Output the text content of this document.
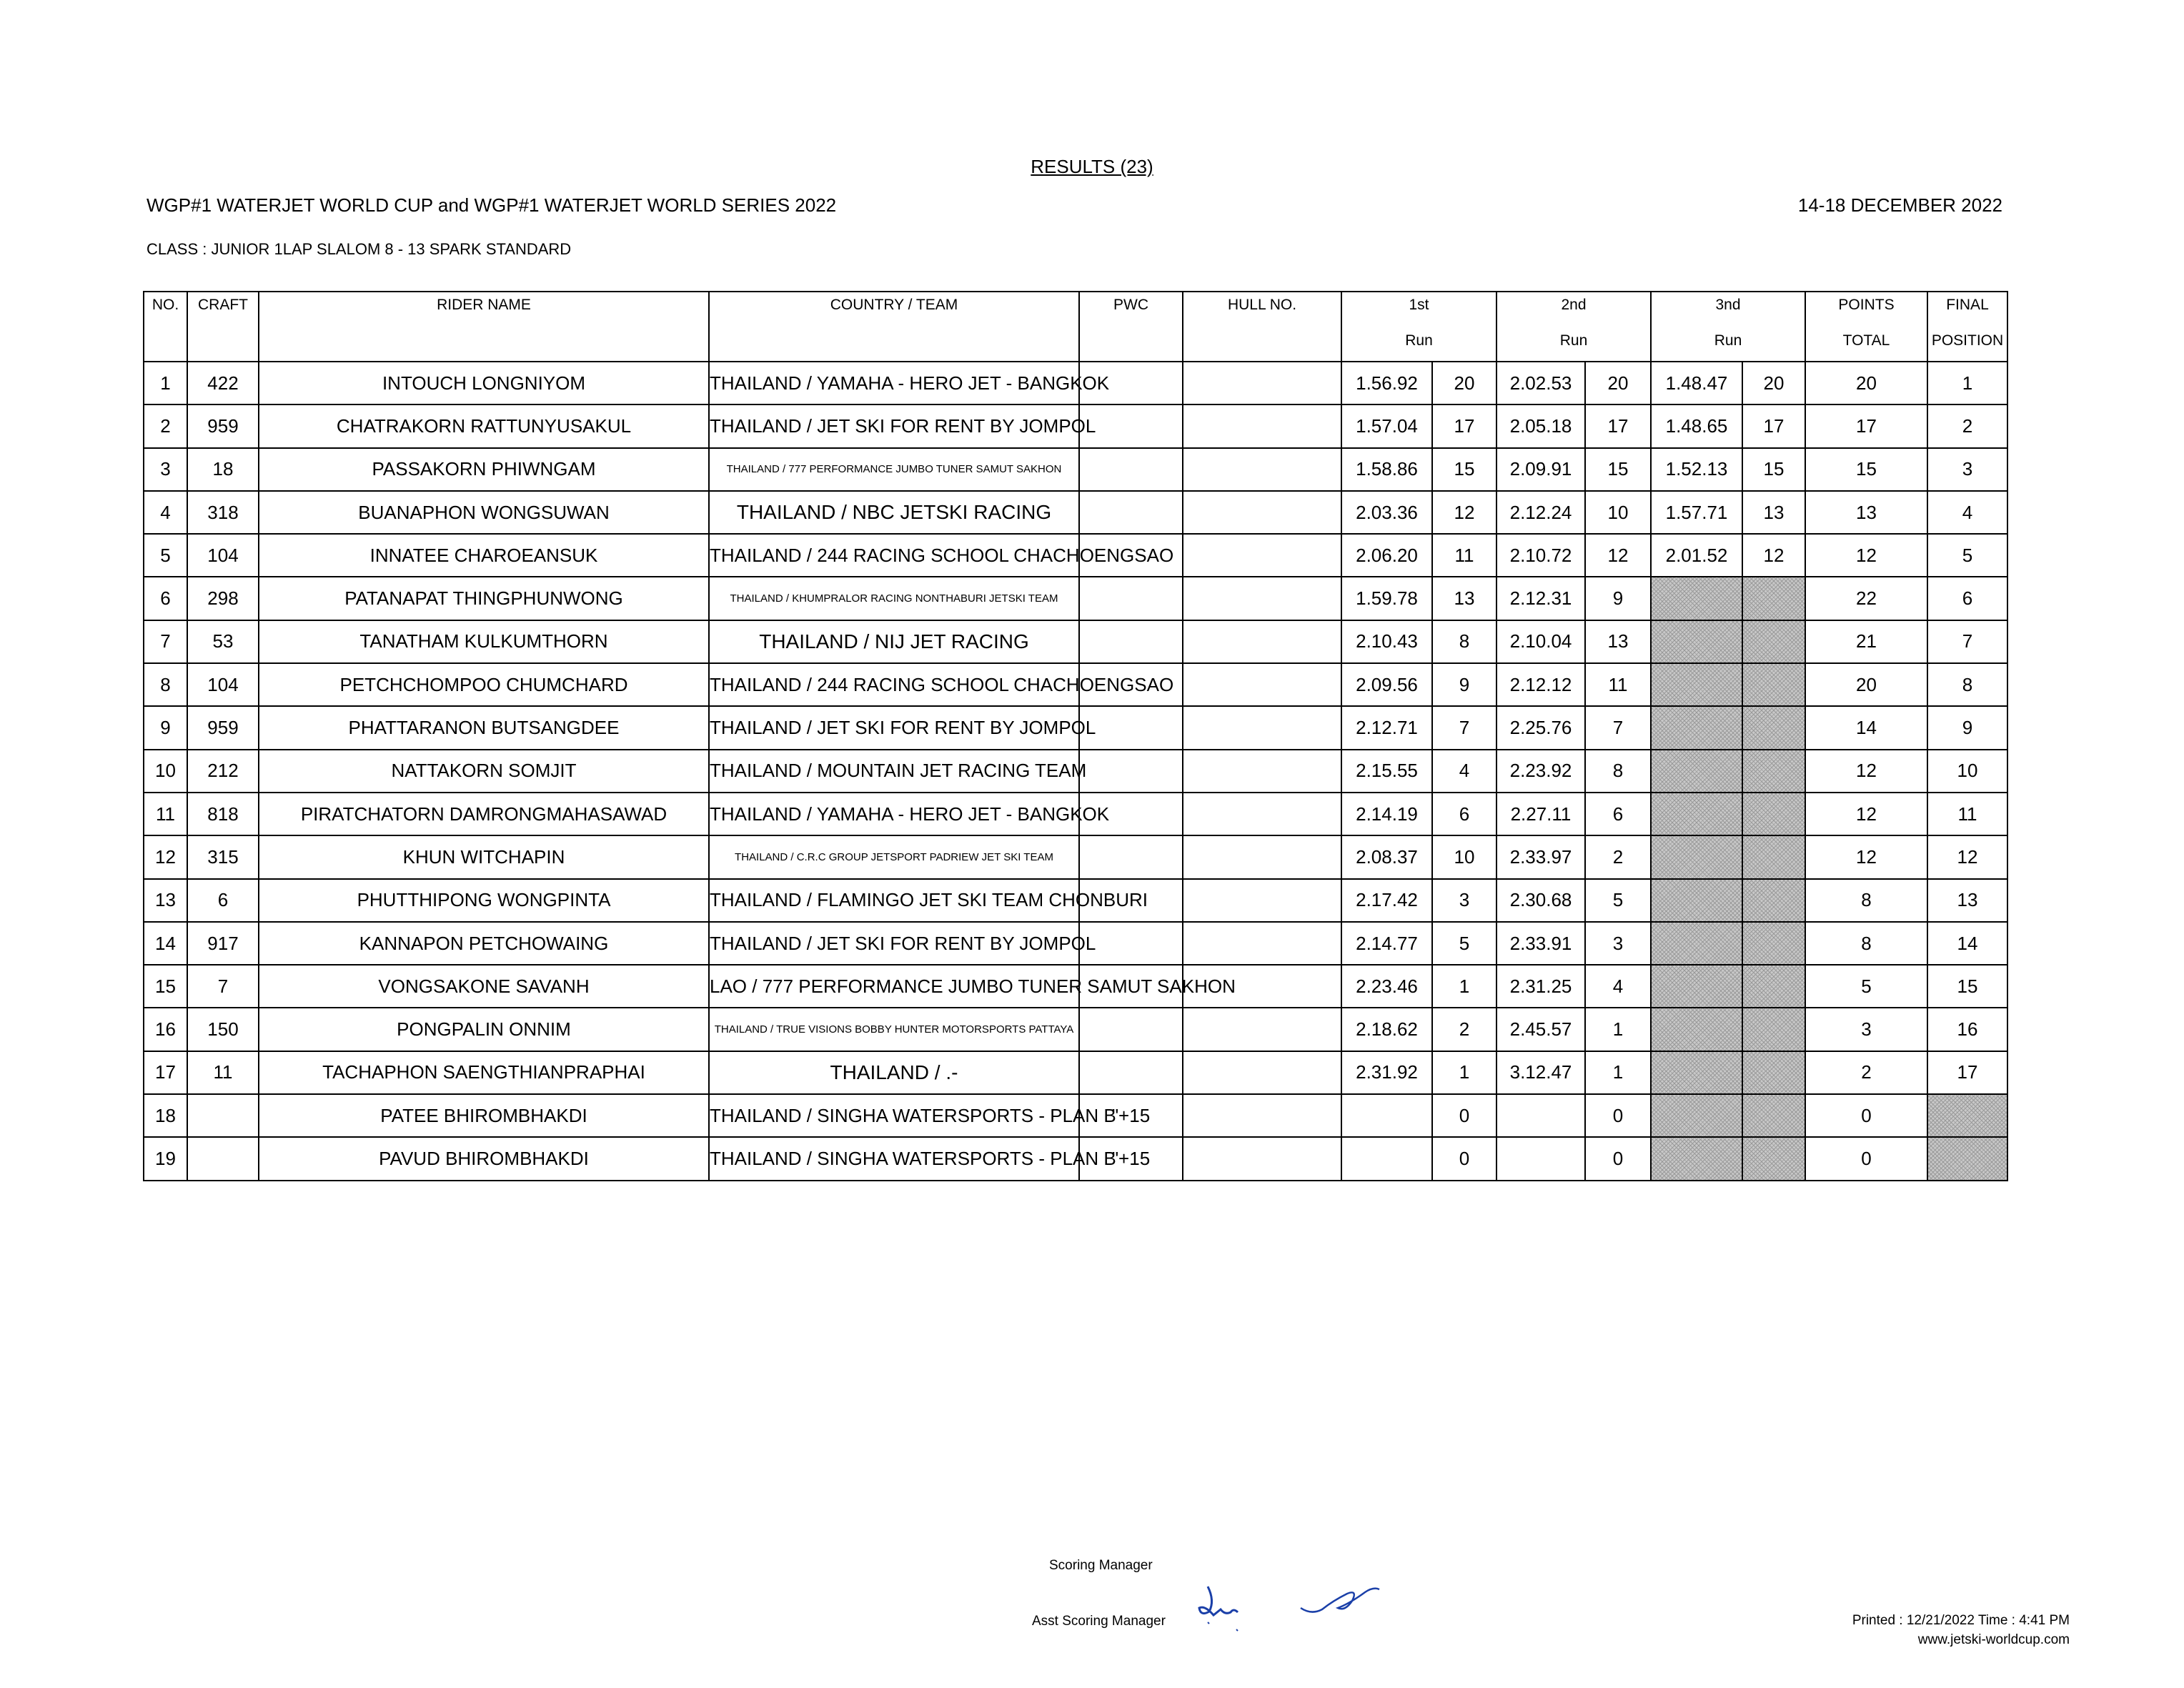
RESULTS (23)
WGP#1 WATERJET WORLD CUP and WGP#1 WATERJET WORLD SERIES 2022	14-18 DECEMBER 2022
CLASS : JUNIOR 1LAP SLALOM 8 - 13 SPARK STANDARD
NO.	CRAFT	RIDER NAME	COUNTRY / TEAM	PWC	HULL NO.	1st
Run		2nd
Run		3nd
Run		POINTS
TOTAL	FINAL
POSITION

1	422	INTOUCH LONGNIYOM	THAILAND / YAMAHA - HERO JET - BANGKOK			1.56.92	20	2.02.53	20	1.48.47	20	20	1
2	959	CHATRAKORN RATTUNYUSAKUL	THAILAND / JET SKI FOR RENT BY JOMPOL			1.57.04	17	2.05.18	17	1.48.65	17	17	2
3	18	PASSAKORN PHIWNGAM	THAILAND / 777 PERFORMANCE JUMBO TUNER SAMUT SAKHON			1.58.86	15	2.09.91	15	1.52.13	15	15	3
4	318	BUANAPHON WONGSUWAN	THAILAND / NBC JETSKI RACING			2.03.36	12	2.12.24	10	1.57.71	13	13	4
5	104	INNATEE CHAROEANSUK	THAILAND / 244 RACING SCHOOL CHACHOENGSAO			2.06.20	11	2.10.72	12	2.01.52	12	12	5
6	298	PATANAPAT THINGPHUNWONG	THAILAND / KHUMPRALOR RACING NONTHABURI JETSKI TEAM			1.59.78	13	2.12.31	9			22	6
7	53	TANATHAM KULKUMTHORN	THAILAND / NIJ JET RACING			2.10.43	8	2.10.04	13			21	7
8	104	PETCHCHOMPOO CHUMCHARD	THAILAND / 244 RACING SCHOOL CHACHOENGSAO			2.09.56	9	2.12.12	11			20	8
9	959	PHATTARANON BUTSANGDEE	THAILAND / JET SKI FOR RENT BY JOMPOL			2.12.71	7	2.25.76	7			14	9
10	212	NATTAKORN SOMJIT	THAILAND / MOUNTAIN JET RACING TEAM			2.15.55	4	2.23.92	8			12	10
11	818	PIRATCHATORN DAMRONGMAHASAWAD	THAILAND / YAMAHA - HERO JET - BANGKOK			2.14.19	6	2.27.11	6			12	11
12	315	KHUN WITCHAPIN	THAILAND / C.R.C GROUP JETSPORT PADRIEW JET SKI TEAM			2.08.37	10	2.33.97	2			12	12
13	6	PHUTTHIPONG WONGPINTA	THAILAND / FLAMINGO JET SKI TEAM CHONBURI			2.17.42	3	2.30.68	5			8	13
14	917	KANNAPON PETCHOWAING	THAILAND / JET SKI FOR RENT BY JOMPOL			2.14.77	5	2.33.91	3			8	14
15	7	VONGSAKONE SAVANH	LAO / 777 PERFORMANCE JUMBO TUNER SAMUT SAKHON			2.23.46	1	2.31.25	4			5	15
16	150	PONGPALIN ONNIM	THAILAND / TRUE VISIONS BOBBY HUNTER MOTORSPORTS PATTAYA			2.18.62	2	2.45.57	1			3	16
17	11	TACHAPHON SAENGTHIANPRAPHAI	THAILAND / .-			2.31.92	1	3.12.47	1			2	17
18		PATEE BHIROMBHAKDI	THAILAND / SINGHA WATERSPORTS - PLAN B	"+15			0		0			0	
19		PAVUD BHIROMBHAKDI	THAILAND / SINGHA WATERSPORTS - PLAN B	"+15			0		0			0	
Scoring Manager
Asst Scoring Manager	Printed : 12/21/2022 Time : 4:41 PM
www.jetski-worldcup.com
